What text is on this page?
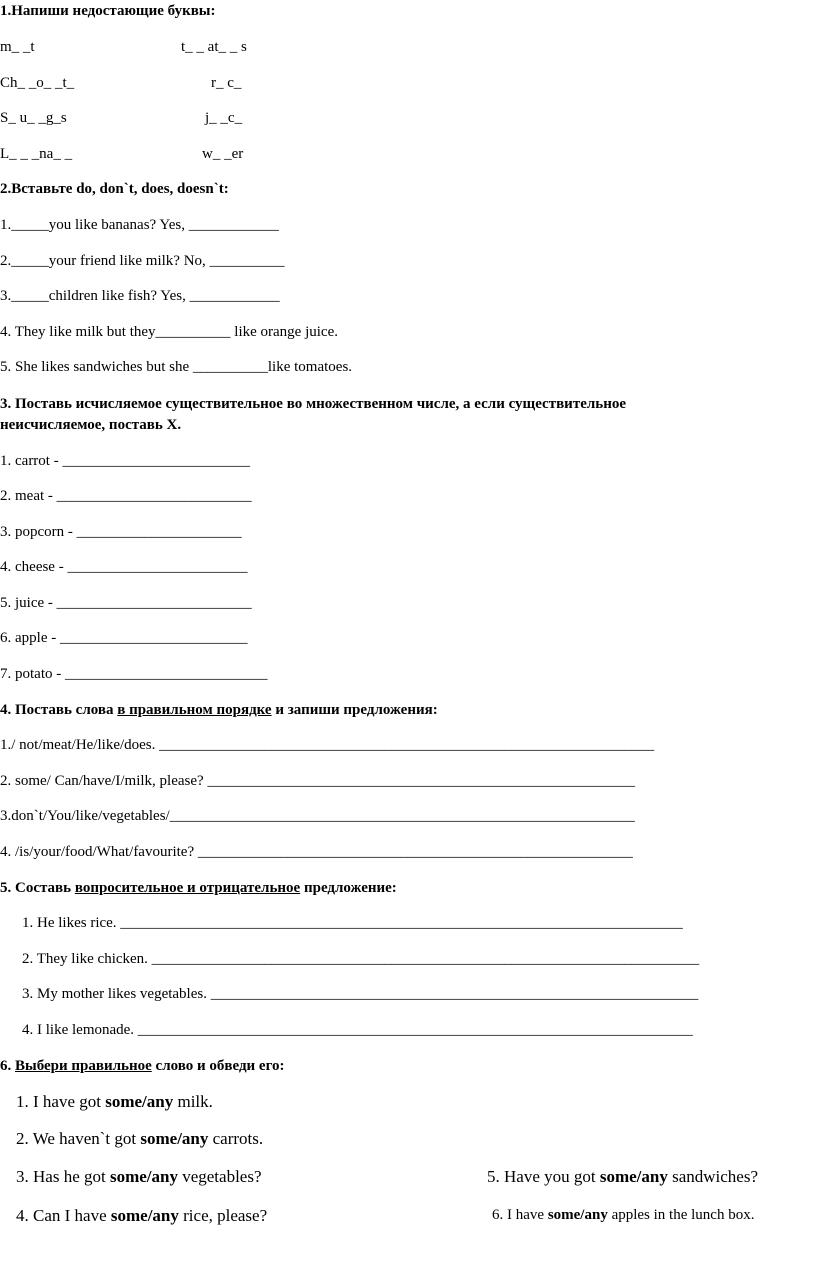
1.Напиши недостающие буквы:
m_ _t	t_ _ at_ _ s
Ch_ _o_ _t_	r_ c_
S_ u_ _g_s	j_ _c_
L_ _ _na_ _	w_ _er
2.Вставьте do, don`t, does, doesn`t:
1._____you like bananas? Yes, ____________
2._____your friend like milk? No, __________
3._____children like fish? Yes, ____________
4. They like milk but they__________ like orange juice.
5. She likes sandwiches but she __________like tomatoes.
3. Поставь исчисляемое существительное во множественном числе, а если существительное
неисчисляемое, поставь Х.
1. carrot - _________________________
2. meat - __________________________
3. popcorn - ______________________
4. cheese - ________________________
5. juice - __________________________
6. apple - _________________________
7. potato - ___________________________
4. Поставь слова в правильном порядке и запиши предложения:
1./ not/meat/He/like/does. __________________________________________________________________
2. some/ Can/have/I/milk, please? _________________________________________________________
3.don`t/You/like/vegetables/______________________________________________________________
4. /is/your/food/What/favourite? __________________________________________________________
5. Составь вопросительное и отрицательное предложение:
1. He likes rice. ___________________________________________________________________________
2. They like chicken. _________________________________________________________________________
3. My mother likes vegetables. _________________________________________________________________
4. I like lemonade. __________________________________________________________________________
6. Выбери правильное слово и обведи его:
1. I have got some/any milk.
2. We haven`t got some/any carrots.
3. Has he got some/any vegetables?
4. Can I have some/any rice, please?
5. Have you got some/any sandwiches?
6. I have some/any apples in the lunch box.
